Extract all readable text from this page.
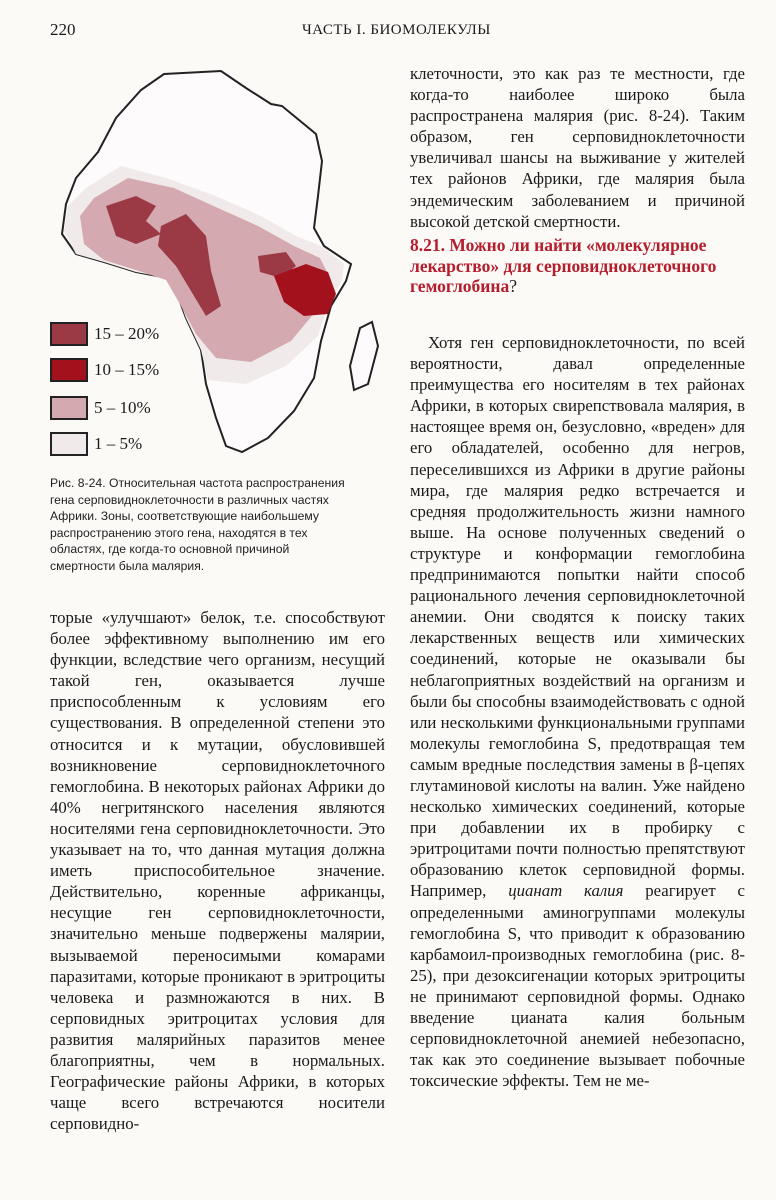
220	ЧАСТЬ I. БИОМОЛЕКУЛЫ
15 – 20%
10 – 15%
5 – 10%
1 – 5%
Рис. 8-24. Относительная частота распространения гена серповидноклеточности в различных частях Африки. Зоны, соответствующие наибольшему распространению этого гена, находятся в тех областях, где когда-то основной причиной смертности была малярия.

торые «улучшают» белок, т.е. способствуют более эффективному выполнению им его функции, вследствие чего организм, несущий такой ген, оказывается лучше приспособленным к условиям его существования. В определенной степени это относится и к мутации, обусловившей возникновение серповидноклеточного гемоглобина. В некоторых районах Африки до 40% негритянского населения являются носителями гена серповидноклеточности. Это указывает на то, что данная мутация должна иметь приспособительное значение. Действительно, коренные африканцы, несущие ген серповидноклеточности, значительно меньше подвержены малярии, вызываемой переносимыми комарами паразитами, которые проникают в эритроциты человека и размножаются в них. В серповидных эритроцитах условия для развития малярийных паразитов менее благоприятны, чем в нормальных. Географические районы Африки, в которых чаще всего встречаются носители серповидно-

клеточности, это как раз те местности, где когда-то наиболее широко была распространена малярия (рис. 8-24). Таким образом, ген серповидноклеточности увеличивал шансы на выживание у жителей тех районов Африки, где малярия была эндемическим заболеванием и причиной высокой детской смертности.

8.21. Можно ли найти «молекулярное лекарство» для серповидноклеточного гемоглобина?

Хотя ген серповидноклеточности, по всей вероятности, давал определенные преимущества его носителям в тех районах Африки, в которых свирепствовала малярия, в настоящее время он, безусловно, «вреден» для его обладателей, особенно для негров, переселившихся из Африки в другие районы мира, где малярия редко встречается и средняя продолжительность жизни намного выше. На основе полученных сведений о структуре и конформации гемоглобина предпринимаются попытки найти способ рационального лечения серповидноклеточной анемии. Они сводятся к поиску таких лекарственных веществ или химических соединений, которые не оказывали бы неблагоприятных воздействий на организм и были бы способны взаимодействовать с одной или несколькими функциональными группами молекулы гемоглобина S, предотвращая тем самым вредные последствия замены в β-цепях глутаминовой кислоты на валин. Уже найдено несколько химических соединений, которые при добавлении их в пробирку с эритроцитами почти полностью препятствуют образованию клеток серповидной формы. Например, цианат калия реагирует с определенными аминогруппами молекулы гемоглобина S, что приводит к образованию карбамоил-производных гемоглобина (рис. 8-25), при дезоксигенации которых эритроциты не принимают серповидной формы. Однако введение цианата калия больным серповидноклеточной анемией небезопасно, так как это соединение вызывает побочные токсические эффекты. Тем не ме-
